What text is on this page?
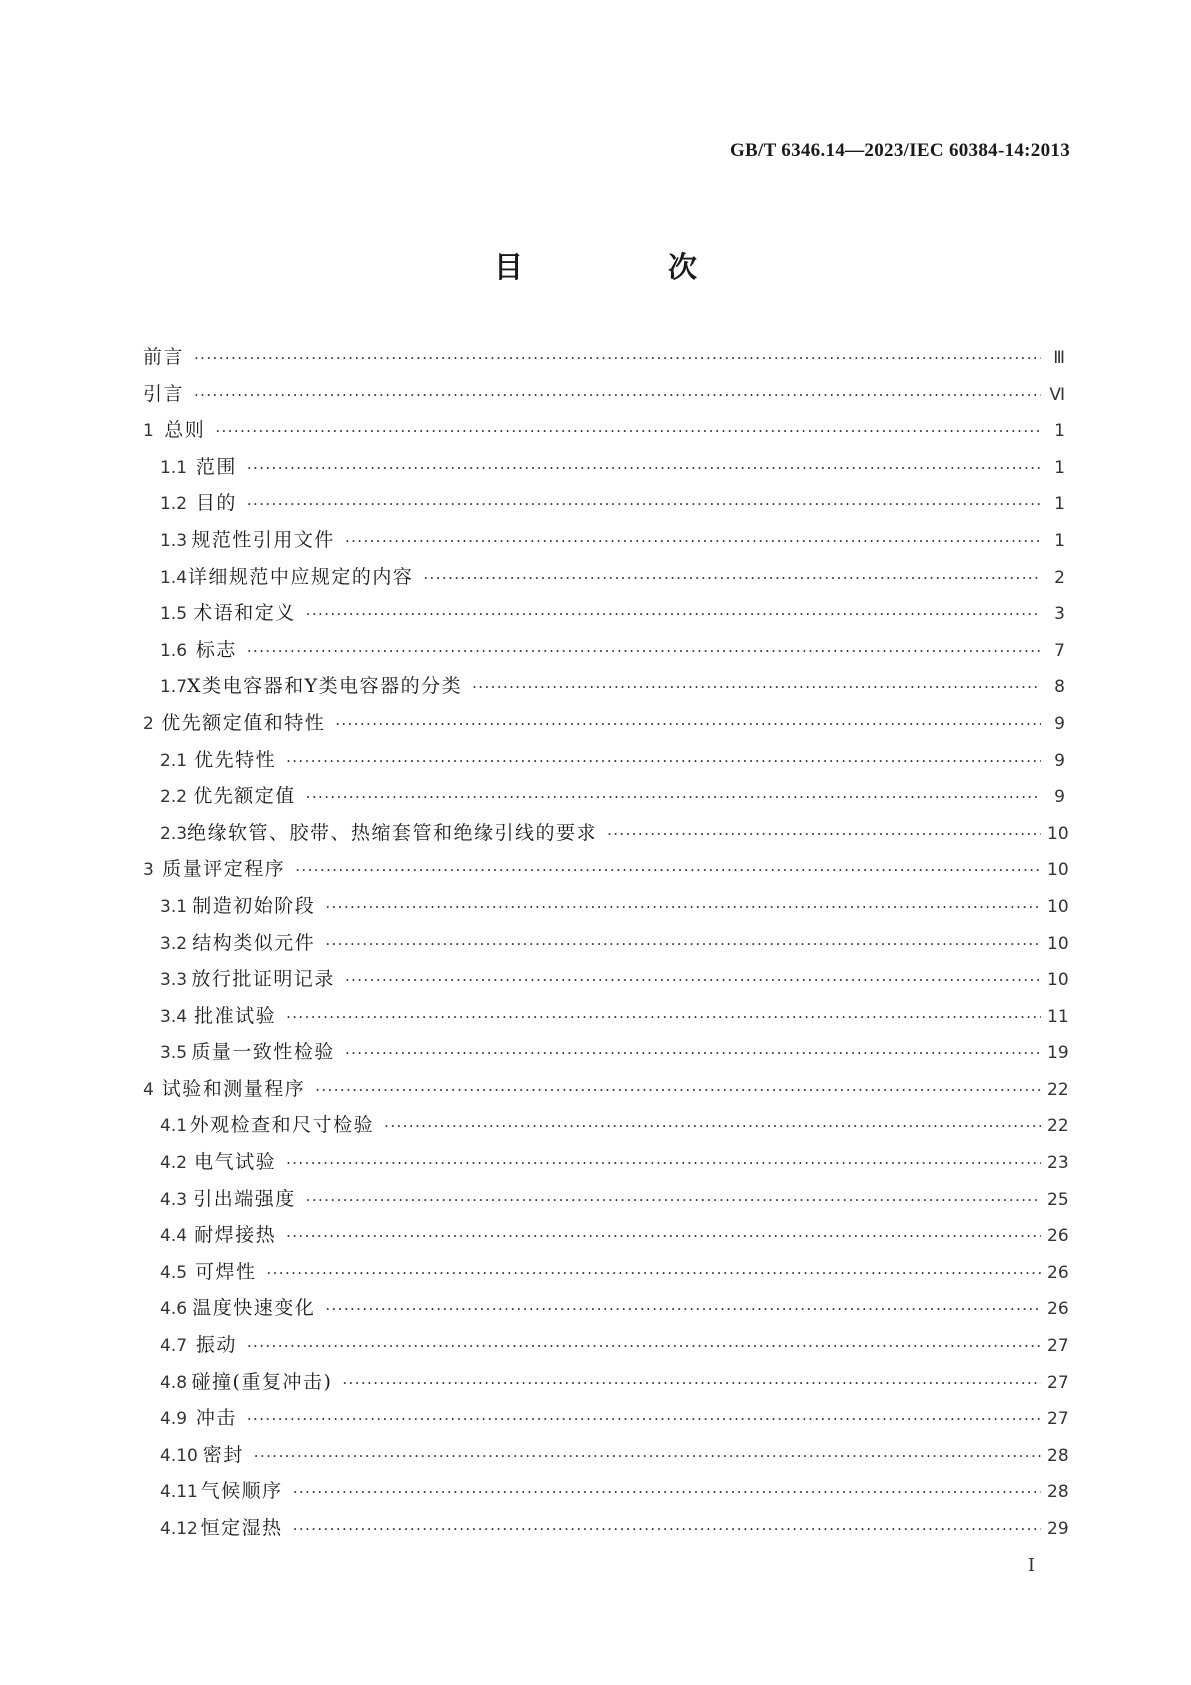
GB/T 6346.14—2023/IEC 60384-14:2013
目　次
前言 ·····	Ⅲ
引言 ·····	Ⅵ
1 总则 ·····	1
1.1 范围 ·····	1
1.2 目的 ·····	1
1.3 规范性引用文件 ·····	1
1.4 详细规范中应规定的内容 ·····	2
1.5 术语和定义 ·····	3
1.6 标志 ·····	7
1.7 X类电容器和Y类电容器的分类 ·····	8
2 优先额定值和特性 ·····	9
2.1 优先特性 ·····	9
2.2 优先额定值 ·····	9
2.3 绝缘软管、胶带、热缩套管和绝缘引线的要求 ·····	10
3 质量评定程序 ·····	10
3.1 制造初始阶段 ·····	10
3.2 结构类似元件 ·····	10
3.3 放行批证明记录 ·····	10
3.4 批准试验 ·····	11
3.5 质量一致性检验 ·····	19
4 试验和测量程序 ·····	22
4.1 外观检查和尺寸检验 ·····	22
4.2 电气试验 ·····	23
4.3 引出端强度 ·····	25
4.4 耐焊接热 ·····	26
4.5 可焊性 ·····	26
4.6 温度快速变化 ·····	26
4.7 振动 ·····	27
4.8 碰撞(重复冲击) ·····	27
4.9 冲击 ·····	27
4.10 密封 ·····	28
4.11 气候顺序 ·····	28
4.12 恒定湿热 ·····	29
Ⅰ
